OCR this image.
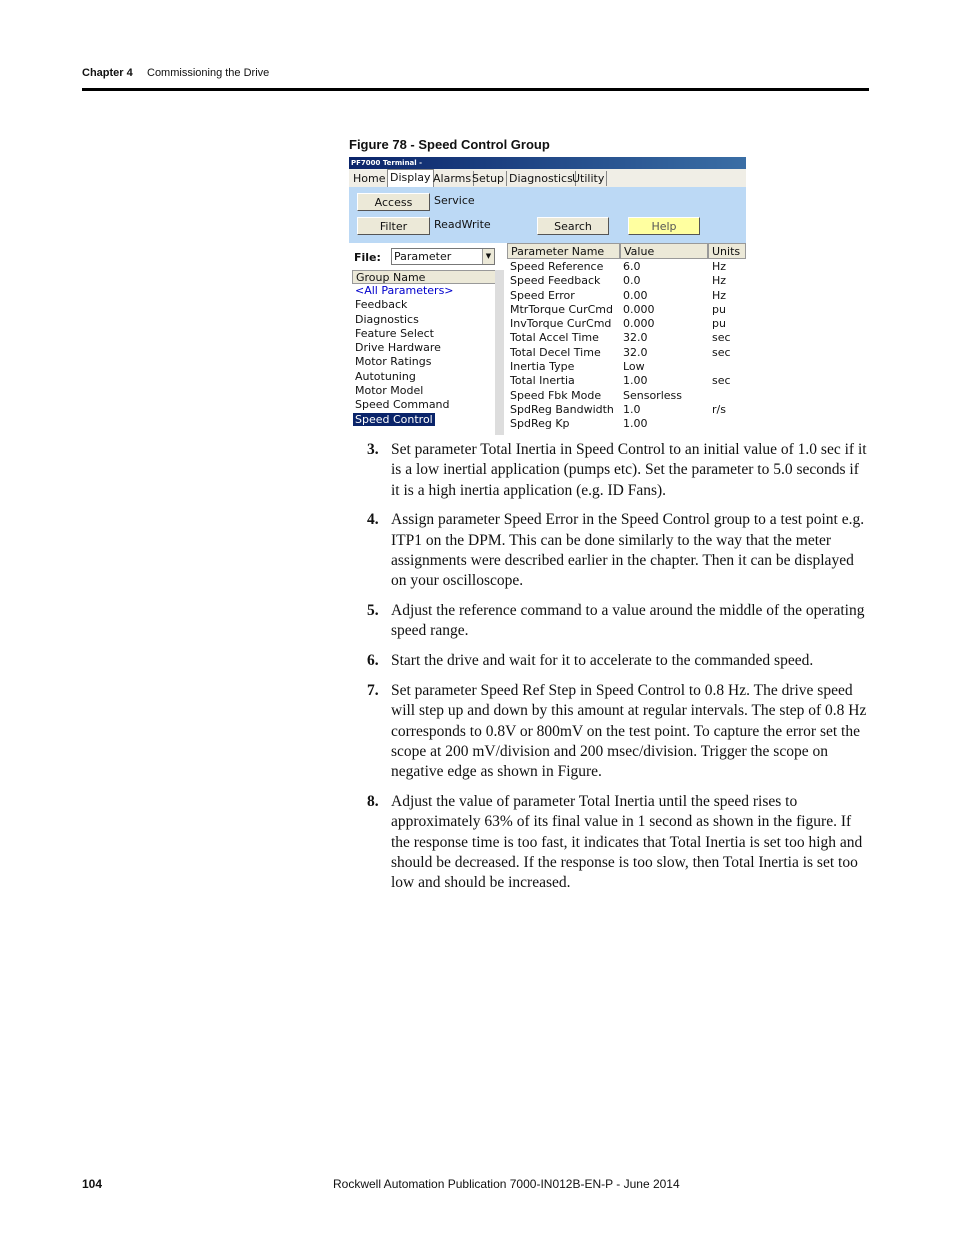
Chapter 4 Commissioning the Drive
Figure 78 - Speed Control Group
PF7000 Terminal -
Home Display Alarms Setup Diagnostics Utility
Access	Service
Filter	ReadWrite	Search	Help
File: Parameter	▼
Group Name
<All Parameters>
Feedback
Diagnostics
Feature Select
Drive Hardware
Motor Ratings
Autotuning
Motor Model
Speed Command
Speed Control
Parameter Name	Value	Units
Speed Reference 6.0	Hz
Speed Feedback 0.0	Hz
Speed Error	0.00	Hz
MtrTorque CurCmd 0.000	pu
InvTorque CurCmd 0.000	pu
Total Accel Time 32.0	sec
Total Decel Time 32.0	sec
Inertia Type	Low
Total Inertia	1.00	sec
Speed Fbk Mode Sensorless
SpdReg Bandwidth 1.0	r/s
SpdReg Kp	1.00
3. Set parameter Total Inertia in Speed Control to an initial value of 1.0 sec if it is a low inertial application (pumps etc). Set the parameter to 5.0 seconds if it is a high inertia application (e.g. ID Fans).
4. Assign parameter Speed Error in the Speed Control group to a test point e.g. ITP1 on the DPM. This can be done similarly to the way that the meter assignments were described earlier in the chapter. Then it can be displayed on your oscilloscope.
5. Adjust the reference command to a value around the middle of the operating speed range.
6. Start the drive and wait for it to accelerate to the commanded speed.
7. Set parameter Speed Ref Step in Speed Control to 0.8 Hz. The drive speed will step up and down by this amount at regular intervals. The step of 0.8 Hz corresponds to 0.8V or 800mV on the test point. To capture the error set the scope at 200 mV/division and 200 msec/division. Trigger the scope on negative edge as shown in Figure.
8. Adjust the value of parameter Total Inertia until the speed rises to approximately 63% of its final value in 1 second as shown in the figure. If the response time is too fast, it indicates that Total Inertia is set too high and should be decreased. If the response is too slow, then Total Inertia is set too low and should be increased.
104	Rockwell Automation Publication 7000-IN012B-EN-P - June 2014
